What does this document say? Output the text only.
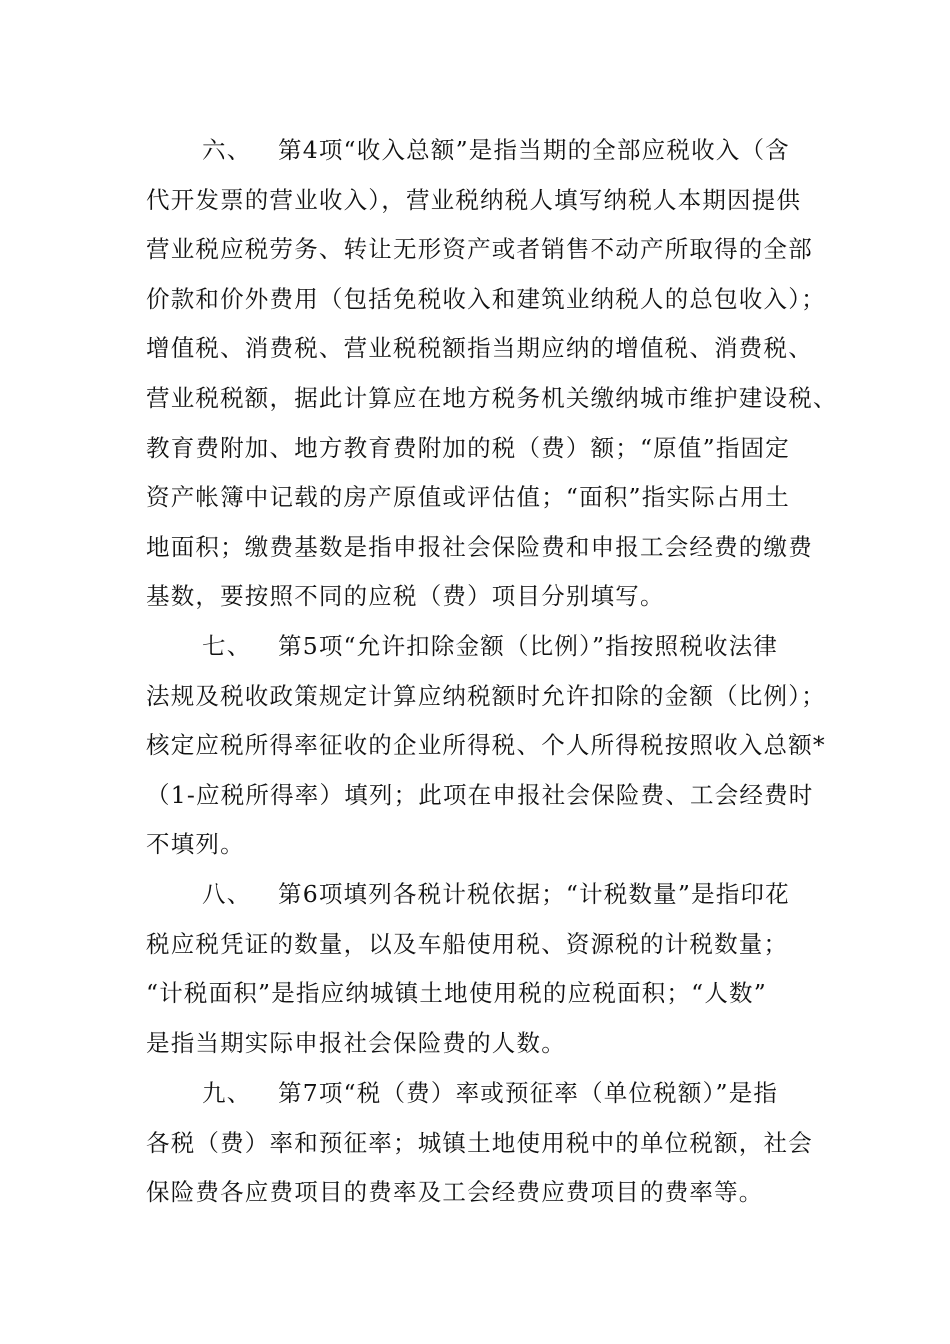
六、 第4项“收入总额”是指当期的全部应税收入（含
代开发票的营业收入），营业税纳税人填写纳税人本期因提供
营业税应税劳务、转让无形资产或者销售不动产所取得的全部
价款和价外费用（包括免税收入和建筑业纳税人的总包收入）；
增值税、消费税、营业税税额指当期应纳的增值税、消费税、
营业税税额，据此计算应在地方税务机关缴纳城市维护建设税、
教育费附加、地方教育费附加的税（费）额；“原值”指固定
资产帐簿中记载的房产原值或评估值；“面积”指实际占用土
地面积；缴费基数是指申报社会保险费和申报工会经费的缴费
基数，要按照不同的应税（费）项目分别填写。
七、 第5项“允许扣除金额（比例）”指按照税收法律
法规及税收政策规定计算应纳税额时允许扣除的金额（比例）；
核定应税所得率征收的企业所得税、个人所得税按照收入总额*
（1-应税所得率）填列；此项在申报社会保险费、工会经费时
不填列。
八、 第6项填列各税计税依据；“计税数量”是指印花
税应税凭证的数量，以及车船使用税、资源税的计税数量；
“计税面积”是指应纳城镇土地使用税的应税面积；“人数”
是指当期实际申报社会保险费的人数。
九、 第7项“税（费）率或预征率（单位税额）”是指
各税（费）率和预征率；城镇土地使用税中的单位税额，社会
保险费各应费项目的费率及工会经费应费项目的费率等。
